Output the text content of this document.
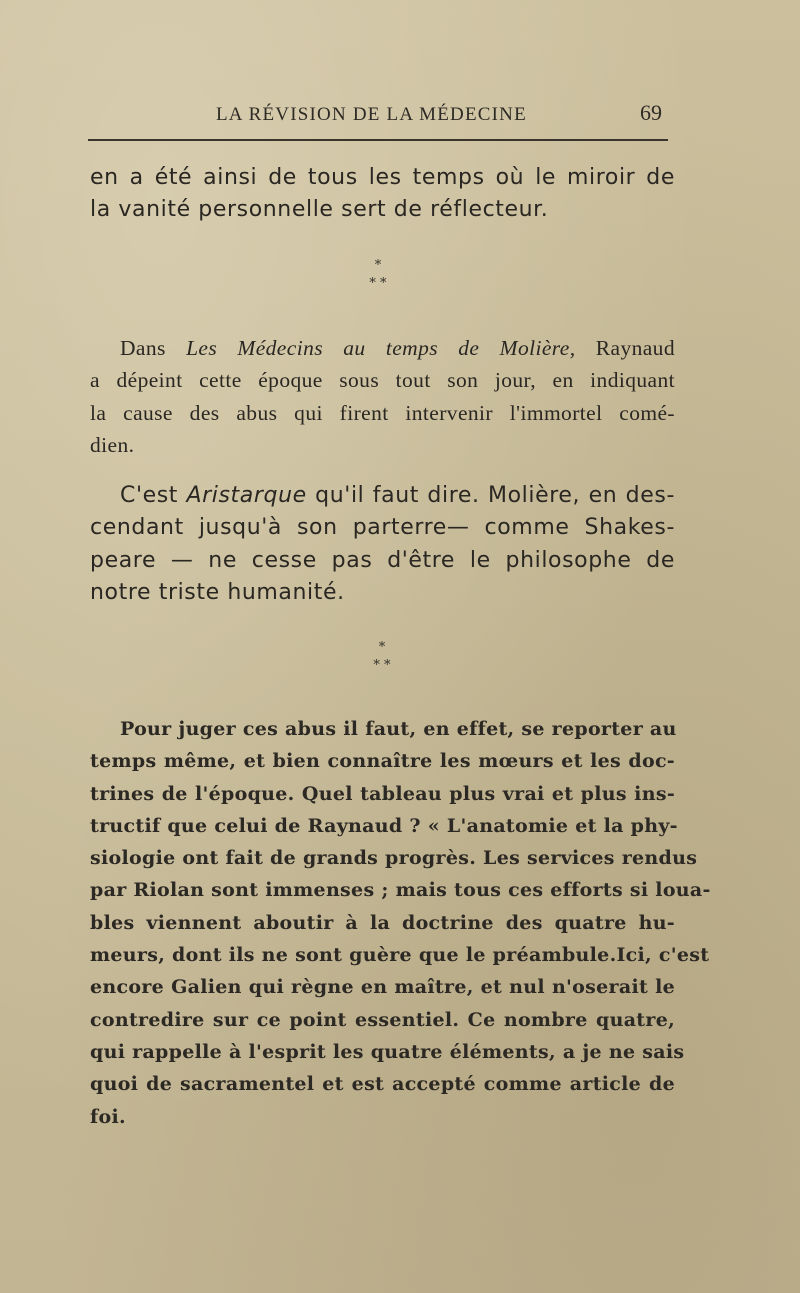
LA RÉVISION DE LA MÉDECINE	69

en a été ainsi de tous les temps où le miroir de
la vanité personnelle sert de réflecteur.

*
* *

Dans Les Médecins au temps de Molière, Raynaud
a dépeint cette époque sous tout son jour, en indiquant
la cause des abus qui firent intervenir l'immortel comé-
dien.

C'est Aristarque qu'il faut dire. Molière, en des-
cendant jusqu'à son parterre— comme Shakes-
peare — ne cesse pas d'être le philosophe de
notre triste humanité.

*
* *

Pour juger ces abus il faut, en effet, se reporter au
temps même, et bien connaître les mœurs et les doc-
trines de l'époque. Quel tableau plus vrai et plus ins-
tructif que celui de Raynaud ? « L'anatomie et la phy-
siologie ont fait de grands progrès. Les services rendus
par Riolan sont immenses ; mais tous ces efforts si loua-
bles viennent aboutir à la doctrine des quatre hu-
meurs, dont ils ne sont guère que le préambule.Ici, c'est
encore Galien qui règne en maître, et nul n'oserait le
contredire sur ce point essentiel. Ce nombre quatre,
qui rappelle à l'esprit les quatre éléments, a je ne sais
quoi de sacramentel et est accepté comme article de
foi.
